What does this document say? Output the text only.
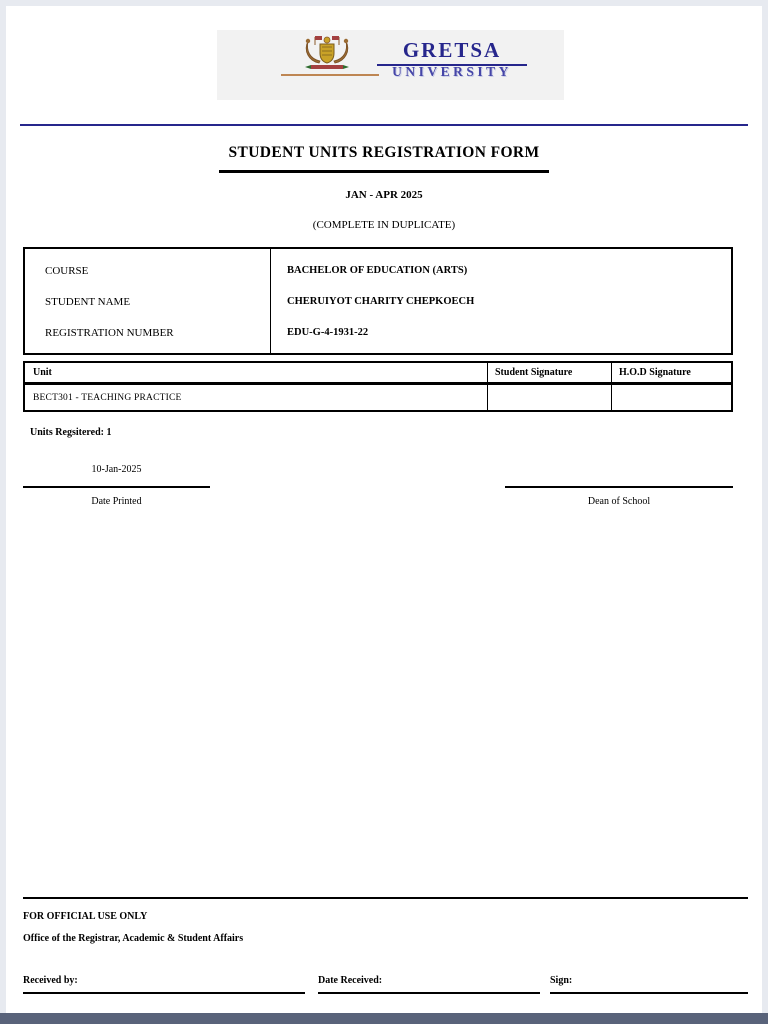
GRETSA
UNIVERSITY
STUDENT UNITS REGISTRATION FORM
JAN - APR 2025
(COMPLETE IN DUPLICATE)
COURSE	BACHELOR OF EDUCATION (ARTS)
STUDENT NAME	CHERUIYOT CHARITY CHEPKOECH
REGISTRATION NUMBER	EDU-G-4-1931-22
Unit	Student Signature	H.O.D Signature
BECT301 - TEACHING PRACTICE
Units Regsitered: 1
10-Jan-2025
Date Printed	Dean of School
FOR OFFICIAL USE ONLY
Office of the Registrar, Academic & Student Affairs
Received by:	Date Received:	Sign:
